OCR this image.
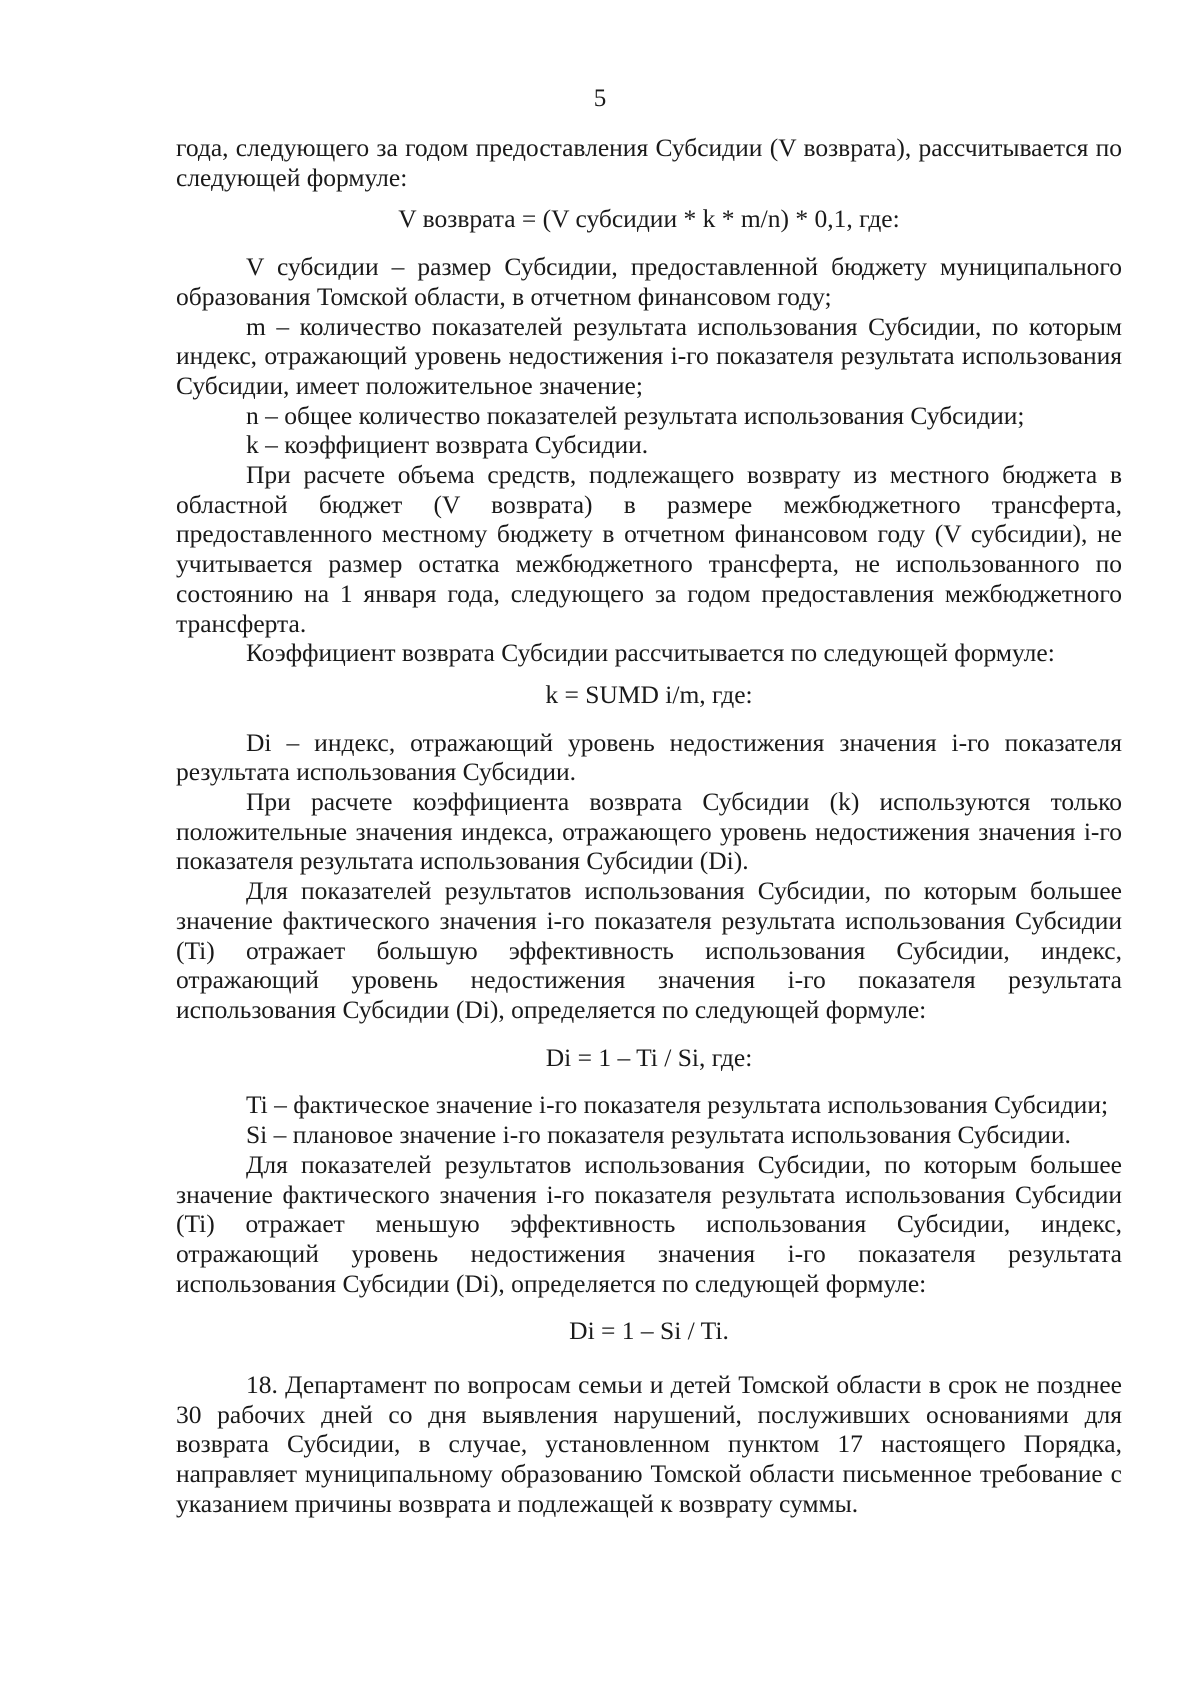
5

года, следующего за годом предоставления Субсидии (V возврата), рассчитывается по следующей формуле:

V возврата = (V субсидии * k * m/n) * 0,1, где:

V субсидии – размер Субсидии, предоставленной бюджету муниципального образования Томской области, в отчетном финансовом году;

m – количество показателей результата использования Субсидии, по которым индекс, отражающий уровень недостижения i-го показателя результата использования Субсидии, имеет положительное значение;

n – общее количество показателей результата использования Субсидии;

k – коэффициент возврата Субсидии.

При расчете объема средств, подлежащего возврату из местного бюджета в областной бюджет (V возврата) в размере межбюджетного трансферта, предоставленного местному бюджету в отчетном финансовом году (V субсидии), не учитывается размер остатка межбюджетного трансферта, не использованного по состоянию на 1 января года, следующего за годом предоставления межбюджетного трансферта.

Коэффициент возврата Субсидии рассчитывается по следующей формуле:

k = SUMD i/m, где:

Di – индекс, отражающий уровень недостижения значения i-го показателя результата использования Субсидии.

При расчете коэффициента возврата Субсидии (k) используются только положительные значения индекса, отражающего уровень недостижения значения i-го показателя результата использования Субсидии (Di).

Для показателей результатов использования Субсидии, по которым большее значение фактического значения i-го показателя результата использования Субсидии (Ti) отражает большую эффективность использования Субсидии, индекс, отражающий уровень недостижения значения i-го показателя результата использования Субсидии (Di), определяется по следующей формуле:

Di = 1 – Ti / Si, где:

Ti – фактическое значение i-го показателя результата использования Субсидии;

Si – плановое значение i-го показателя результата использования Субсидии.

Для показателей результатов использования Субсидии, по которым большее значение фактического значения i-го показателя результата использования Субсидии (Ti) отражает меньшую эффективность использования Субсидии, индекс, отражающий уровень недостижения значения i-го показателя результата использования Субсидии (Di), определяется по следующей формуле:

Di = 1 – Si / Ti.

18. Департамент по вопросам семьи и детей Томской области в срок не позднее 30 рабочих дней со дня выявления нарушений, послуживших основаниями для возврата Субсидии, в случае, установленном пунктом 17 настоящего Порядка, направляет муниципальному образованию Томской области письменное требование с указанием причины возврата и подлежащей к возврату суммы.
